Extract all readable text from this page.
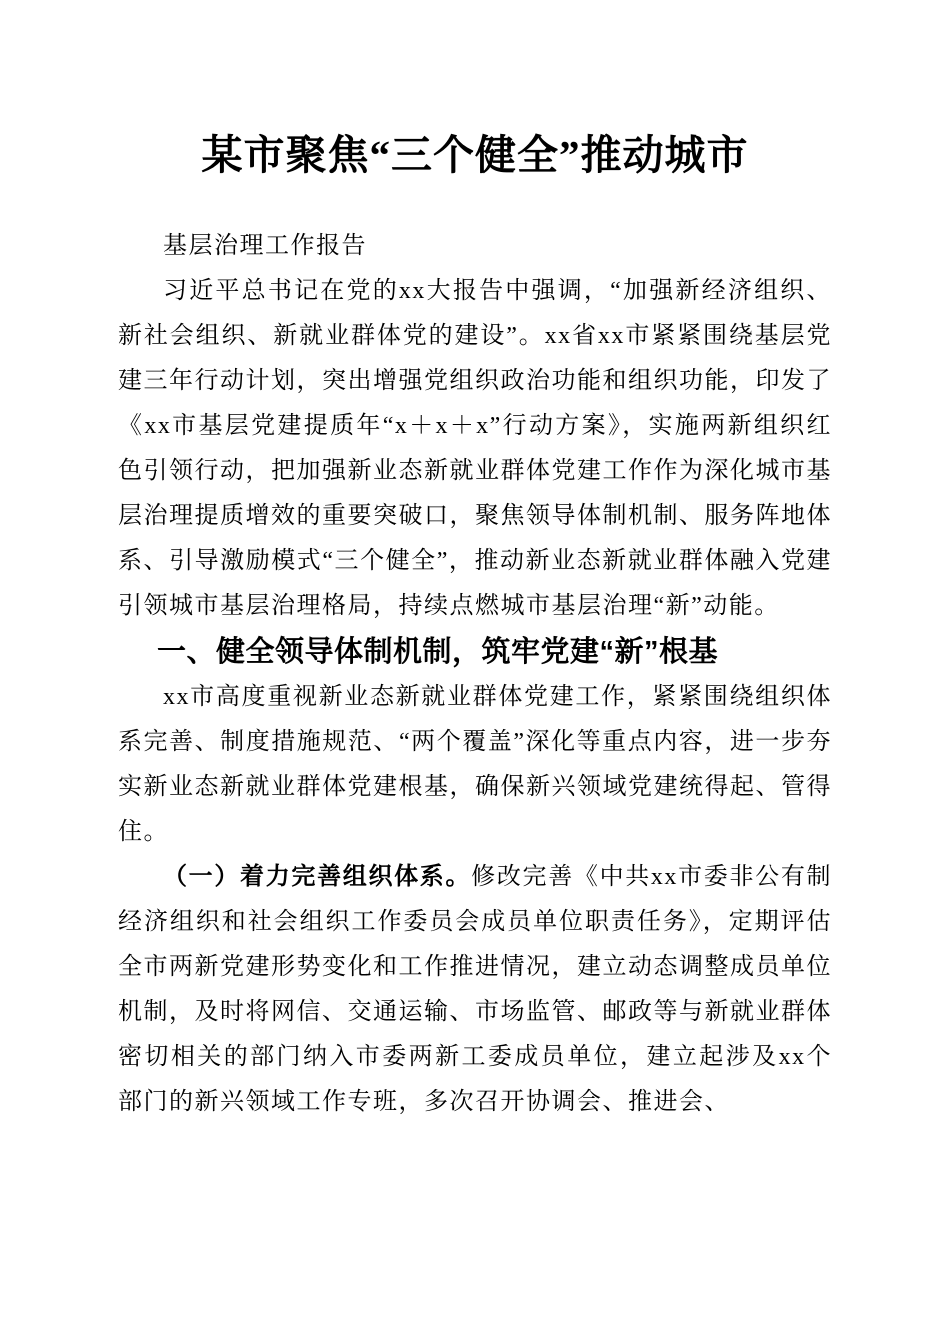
某市聚焦“三个健全”推动城市

基层治理工作报告

习近平总书记在党的xx大报告中强调，“加强新经济组织、新社会组织、新就业群体党的建设”。xx省xx市紧紧围绕基层党建三年行动计划，突出增强党组织政治功能和组织功能，印发了《xx市基层党建提质年“x＋x＋x”行动方案》，实施两新组织红色引领行动，把加强新业态新就业群体党建工作作为深化城市基层治理提质增效的重要突破口，聚焦领导体制机制、服务阵地体系、引导激励模式“三个健全”，推动新业态新就业群体融入党建引领城市基层治理格局，持续点燃城市基层治理“新”动能。

一、健全领导体制机制，筑牢党建“新”根基

xx市高度重视新业态新就业群体党建工作，紧紧围绕组织体系完善、制度措施规范、“两个覆盖”深化等重点内容，进一步夯实新业态新就业群体党建根基，确保新兴领域党建统得起、管得住。

（一）着力完善组织体系。修改完善《中共xx市委非公有制经济组织和社会组织工作委员会成员单位职责任务》，定期评估全市两新党建形势变化和工作推进情况，建立动态调整成员单位机制，及时将网信、交通运输、市场监管、邮政等与新就业群体密切相关的部门纳入市委两新工委成员单位，建立起涉及xx个部门的新兴领域工作专班，多次召开协调会、推进会、
